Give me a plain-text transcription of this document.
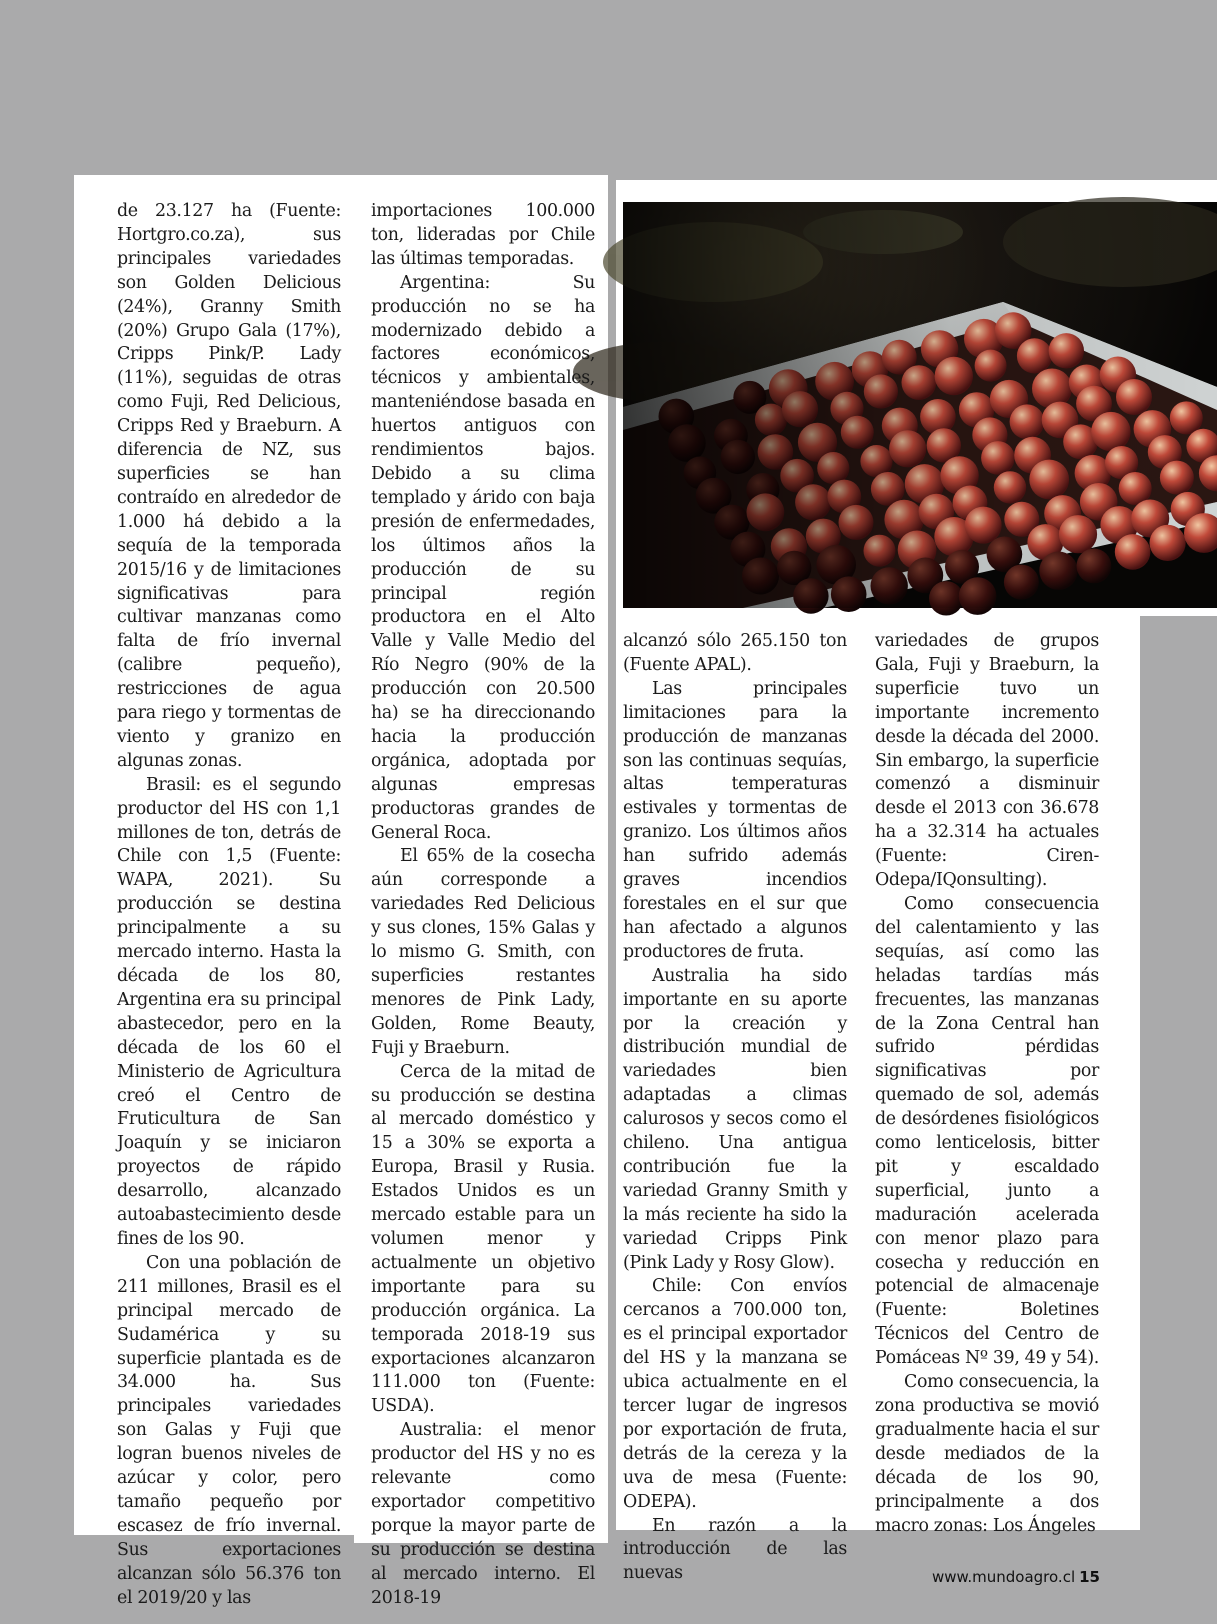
de 23.127 ha (Fuente: Hortgro.co.za), sus principales variedades son Golden Delicious (24%), Granny Smith (20%) Grupo Gala (17%), Cripps Pink/P. Lady (11%), seguidas de otras como Fuji, Red Delicious, Cripps Red y Braeburn. A diferencia de NZ, sus superficies se han contraído en alrededor de 1.000 há debido a la sequía de la temporada 2015/16 y de limitaciones significativas para cultivar manzanas como falta de frío invernal (calibre pequeño), restricciones de agua para riego y tormentas de viento y granizo en algunas zonas.

Brasil: es el segundo productor del HS con 1,1 millones de ton, detrás de Chile con 1,5 (Fuente: WAPA, 2021). Su producción se destina principalmente a su mercado interno. Hasta la década de los 80, Argentina era su principal abastecedor, pero en la década de los 60 el Ministerio de Agricultura creó el Centro de Fruticultura de San Joaquín y se iniciaron proyectos de rápido desarrollo, alcanzado autoabastecimiento desde fines de los 90.

Con una población de 211 millones, Brasil es el principal mercado de Sudamérica y su superficie plantada es de 34.000 ha. Sus principales variedades son Galas y Fuji que logran buenos niveles de azúcar y color, pero tamaño pequeño por escasez de frío invernal. Sus exportaciones alcanzan sólo 56.376 ton el 2019/20 y las

importaciones 100.000 ton, lideradas por Chile las últimas temporadas.

Argentina: Su producción no se ha modernizado debido a factores económicos, técnicos y ambientales, manteniéndose basada en huertos antiguos con rendimientos bajos. Debido a su clima templado y árido con baja presión de enfermedades, los últimos años la producción de su principal región productora en el Alto Valle y Valle Medio del Río Negro (90% de la producción con 20.500 ha) se ha direccionando hacia la producción orgánica, adoptada por algunas empresas productoras grandes de General Roca.

El 65% de la cosecha aún corresponde a variedades Red Delicious y sus clones, 15% Galas y lo mismo G. Smith, con superficies restantes menores de Pink Lady, Golden, Rome Beauty, Fuji y Braeburn.

Cerca de la mitad de su producción se destina al mercado doméstico y 15 a 30% se exporta a Europa, Brasil y Rusia. Estados Unidos es un mercado estable para un volumen menor y actualmente un objetivo importante para su producción orgánica. La temporada 2018-19 sus exportaciones alcanzaron 111.000 ton (Fuente: USDA).

Australia: el menor productor del HS y no es relevante como exportador competitivo porque la mayor parte de su producción se destina al mercado interno. El 2018-19

alcanzó sólo 265.150 ton (Fuente APAL).

Las principales limitaciones para la producción de manzanas son las continuas sequías, altas temperaturas estivales y tormentas de granizo. Los últimos años han sufrido además graves incendios forestales en el sur que han afectado a algunos productores de fruta.

Australia ha sido importante en su aporte por la creación y distribución mundial de variedades bien adaptadas a climas calurosos y secos como el chileno. Una antigua contribución fue la variedad Granny Smith y la más reciente ha sido la variedad Cripps Pink (Pink Lady y Rosy Glow).

Chile: Con envíos cercanos a 700.000 ton, es el principal exportador del HS y la manzana se ubica actualmente en el tercer lugar de ingresos por exportación de fruta, detrás de la cereza y la uva de mesa (Fuente: ODEPA).

En razón a la introducción de las nuevas

variedades de grupos Gala, Fuji y Braeburn, la superficie tuvo un importante incremento desde la década del 2000. Sin embargo, la superficie comenzó a disminuir desde el 2013 con 36.678 ha a 32.314 ha actuales (Fuente: Ciren-Odepa/IQonsulting).

Como consecuencia del calentamiento y las sequías, así como las heladas tardías más frecuentes, las manzanas de la Zona Central han sufrido pérdidas significativas por quemado de sol, además de desórdenes fisiológicos como lenticelosis, bitter pit y escaldado superficial, junto a maduración acelerada con menor plazo para cosecha y reducción en potencial de almacenaje (Fuente: Boletines Técnicos del Centro de Pomáceas Nº 39, 49 y 54).

Como consecuencia, la zona productiva se movió gradualmente hacia el sur desde mediados de la década de los 90, principalmente a dos macro zonas: Los Ángeles

www.mundoagro.cl 15
